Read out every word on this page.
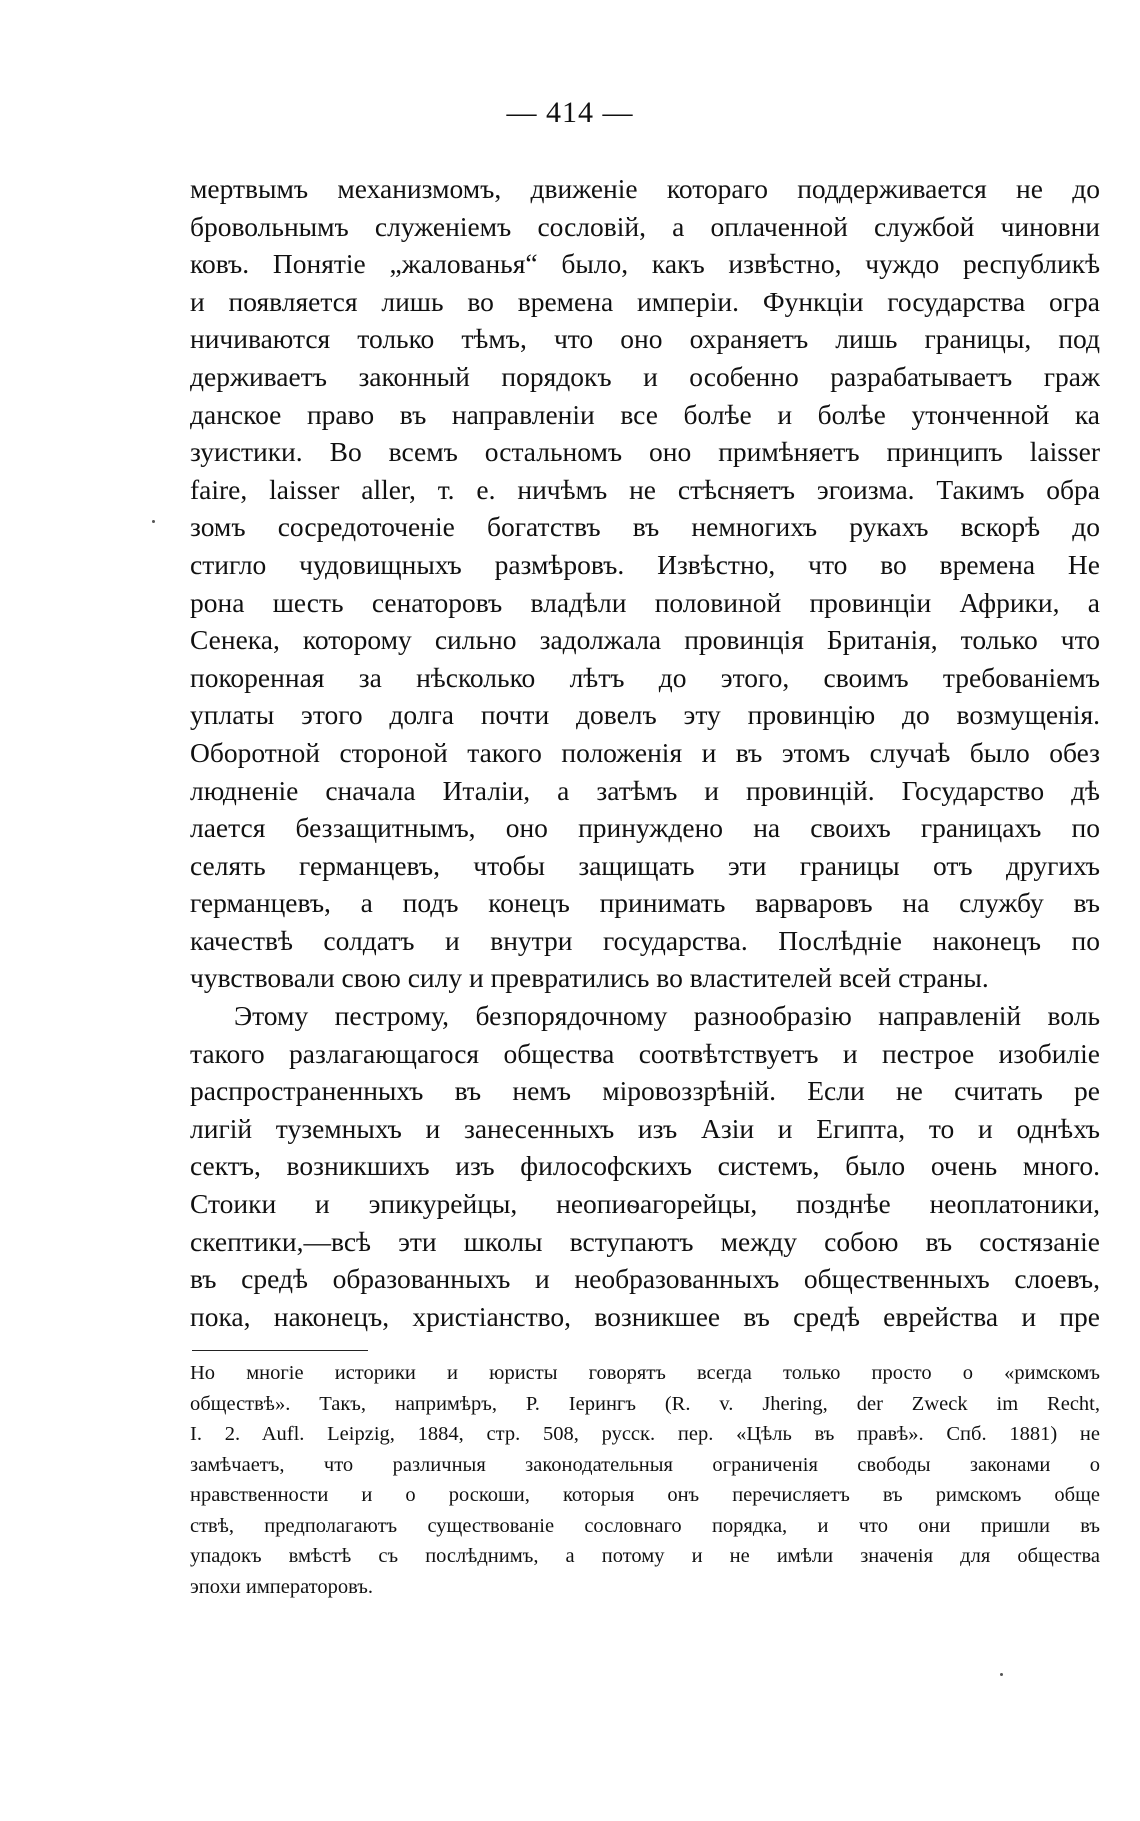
— 414 —
мертвымъ механизмомъ, движеніе котораго поддерживается не до
бровольнымъ служеніемъ сословій, а оплаченной службой чиновни
ковъ. Понятіе „жалованья“ было, какъ извѣстно, чуждо республикѣ
и появляется лишь во времена имперіи. Функціи государства огра
ничиваются только тѣмъ, что оно охраняетъ лишь границы, под
держиваетъ законный порядокъ и особенно разрабатываетъ граж
данское право въ направленіи все болѣе и болѣе утонченной ка
зуистики. Во всемъ остальномъ оно примѣняетъ принципъ laisser
faire, laisser aller, т. е. ничѣмъ не стѣсняетъ эгоизма. Такимъ обра
зомъ сосредоточеніе богатствъ въ немногихъ рукахъ вскорѣ до
стигло чудовищныхъ размѣровъ. Извѣстно, что во времена Не
рона шесть сенаторовъ владѣли половиной провинціи Африки, а
Сенека, которому сильно задолжала провинція Британія, только что
покоренная за нѣсколько лѣтъ до этого, своимъ требованіемъ
уплаты этого долга почти довелъ эту провинцію до возмущенія.
Оборотной стороной такого положенія и въ этомъ случаѣ было обез
людненіе сначала Италіи, а затѣмъ и провинцій. Государство дѣ
лается беззащитнымъ, оно принуждено на своихъ границахъ по
селять германцевъ, чтобы защищать эти границы отъ другихъ
германцевъ, а подъ конецъ принимать варваровъ на службу въ
качествѣ солдатъ и внутри государства. Послѣдніе наконецъ по
чувствовали свою силу и превратились во властителей всей страны.
Этому пестрому, безпорядочному разнообразію направленій воль
такого разлагающагося общества соотвѣтствуетъ и пестрое изобиліе
распространенныхъ въ немъ міровоззрѣній. Если не считать ре
лигій туземныхъ и занесенныхъ изъ Азіи и Египта, то и однѣхъ
сектъ, возникшихъ изъ философскихъ системъ, было очень много.
Стоики и эпикурейцы, неопиѳагорейцы, позднѣе неоплатоники,
скептики,—всѣ эти школы вступаютъ между собою въ состязаніе
въ средѣ образованныхъ и необразованныхъ общественныхъ слоевъ,
пока, наконецъ, христіанство, возникшее въ средѣ еврейства и пре
Но многіе историки и юристы говорятъ всегда только просто о «римскомъ
обществѣ». Такъ, напримѣръ, Р. Іерингъ (R. v. Jhering, der Zweck im Recht,
I. 2. Aufl. Leipzig, 1884, стр. 508, русск. пер. «Цѣль въ правѣ». Спб. 1881) не
замѣчаетъ, что различныя законодательныя ограниченія свободы законами о
нравственности и о роскоши, которыя онъ перечисляетъ въ римскомъ обще
ствѣ, предполагаютъ существованіе сословнаго порядка, и что они пришли въ
упадокъ вмѣстѣ съ послѣднимъ, а потому и не имѣли значенія для общества
эпохи императоровъ.
